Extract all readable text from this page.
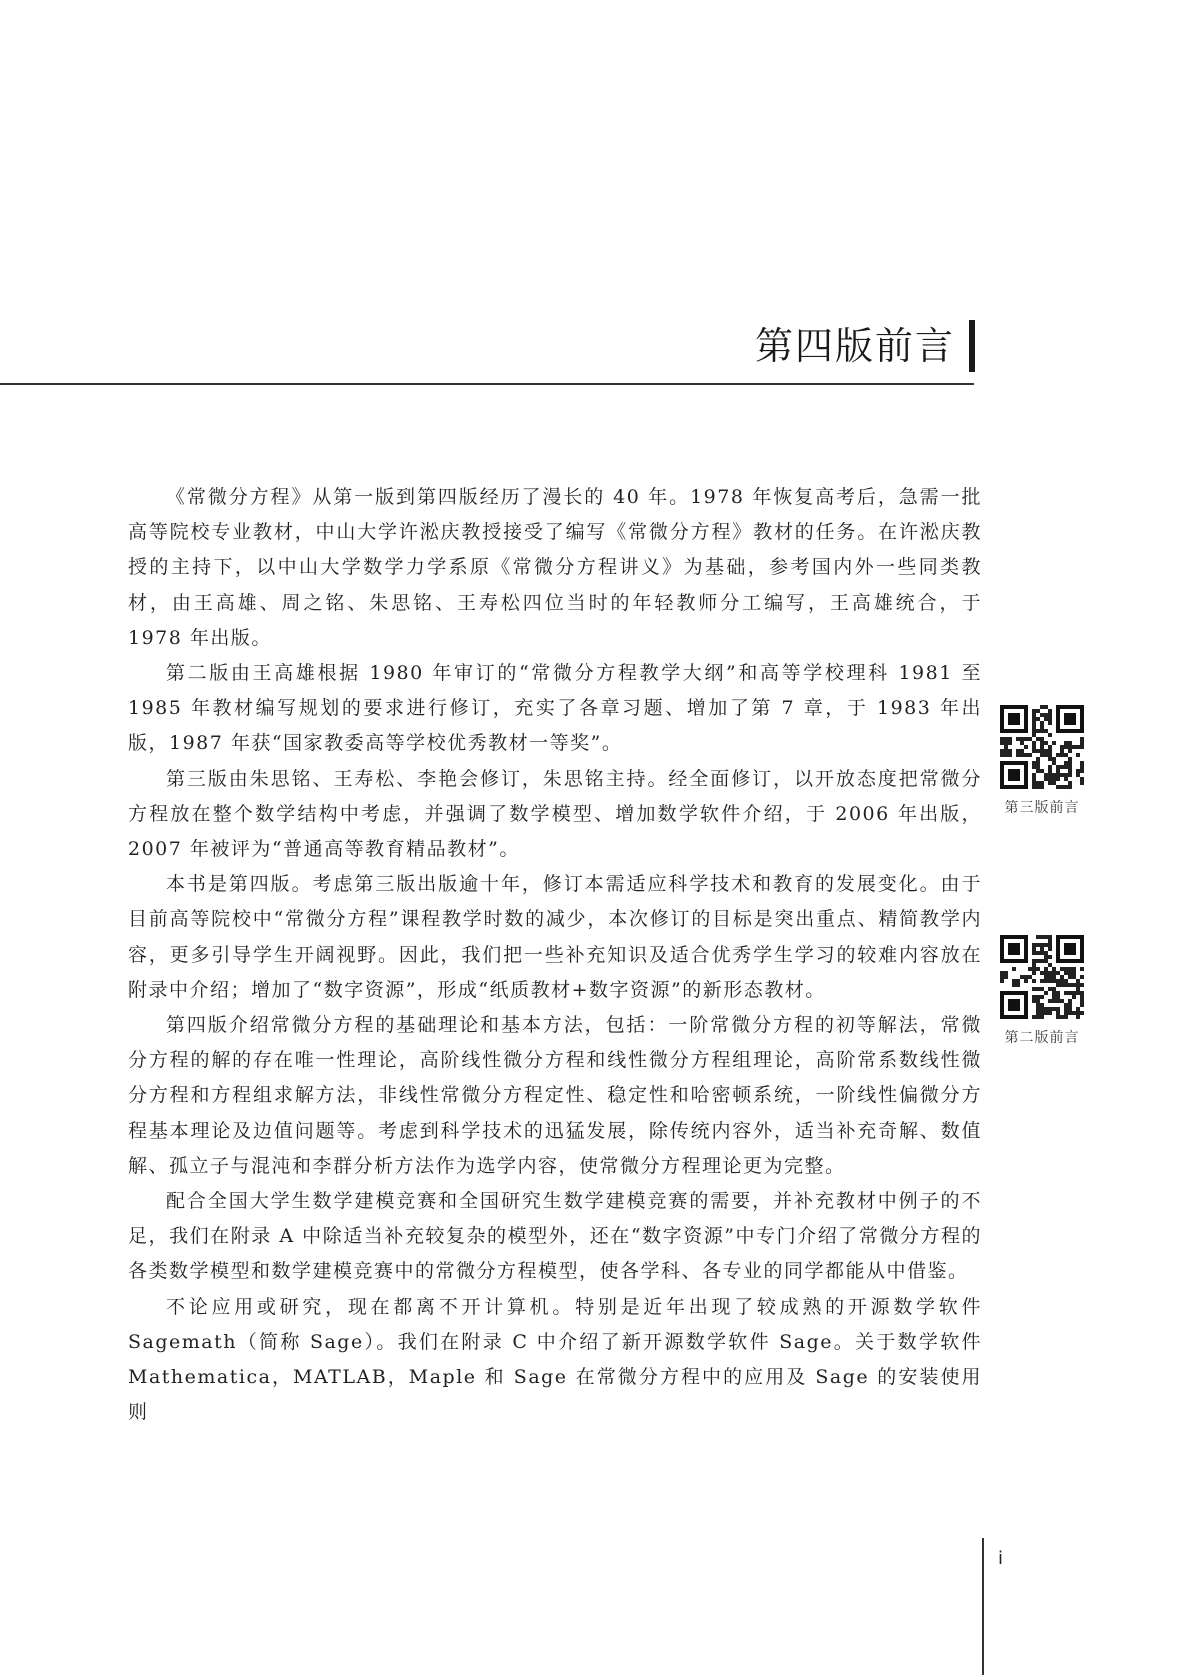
第四版前言

《常微分方程》从第一版到第四版经历了漫长的 40 年。1978 年恢复高考后，急需一批高等院校专业教材，中山大学许淞庆教授接受了编写《常微分方程》教材的任务。在许淞庆教授的主持下，以中山大学数学力学系原《常微分方程讲义》为基础，参考国内外一些同类教材，由王高雄、周之铭、朱思铭、王寿松四位当时的年轻教师分工编写，王高雄统合，于 1978 年出版。

第二版由王高雄根据 1980 年审订的“常微分方程教学大纲”和高等学校理科 1981 至 1985 年教材编写规划的要求进行修订，充实了各章习题、增加了第 7 章，于 1983 年出版，1987 年获“国家教委高等学校优秀教材一等奖”。

第三版由朱思铭、王寿松、李艳会修订，朱思铭主持。经全面修订，以开放态度把常微分方程放在整个数学结构中考虑，并强调了数学模型、增加数学软件介绍，于 2006 年出版，2007 年被评为“普通高等教育精品教材”。

本书是第四版。考虑第三版出版逾十年，修订本需适应科学技术和教育的发展变化。由于目前高等院校中“常微分方程”课程教学时数的减少，本次修订的目标是突出重点、精简教学内容，更多引导学生开阔视野。因此，我们把一些补充知识及适合优秀学生学习的较难内容放在附录中介绍；增加了“数字资源”，形成“纸质教材+数字资源”的新形态教材。

第四版介绍常微分方程的基础理论和基本方法，包括：一阶常微分方程的初等解法，常微分方程的解的存在唯一性理论，高阶线性微分方程和线性微分方程组理论，高阶常系数线性微分方程和方程组求解方法，非线性常微分方程定性、稳定性和哈密顿系统，一阶线性偏微分方程基本理论及边值问题等。考虑到科学技术的迅猛发展，除传统内容外，适当补充奇解、数值解、孤立子与混沌和李群分析方法作为选学内容，使常微分方程理论更为完整。

配合全国大学生数学建模竞赛和全国研究生数学建模竞赛的需要，并补充教材中例子的不足，我们在附录 A 中除适当补充较复杂的模型外，还在“数字资源”中专门介绍了常微分方程的各类数学模型和数学建模竞赛中的常微分方程模型，使各学科、各专业的同学都能从中借鉴。

不论应用或研究，现在都离不开计算机。特别是近年出现了较成熟的开源数学软件 Sagemath（简称 Sage）。我们在附录 C 中介绍了新开源数学软件 Sage。关于数学软件 Mathematica，MATLAB，Maple 和 Sage 在常微分方程中的应用及 Sage 的安装使用则

第三版前言
第二版前言
i
